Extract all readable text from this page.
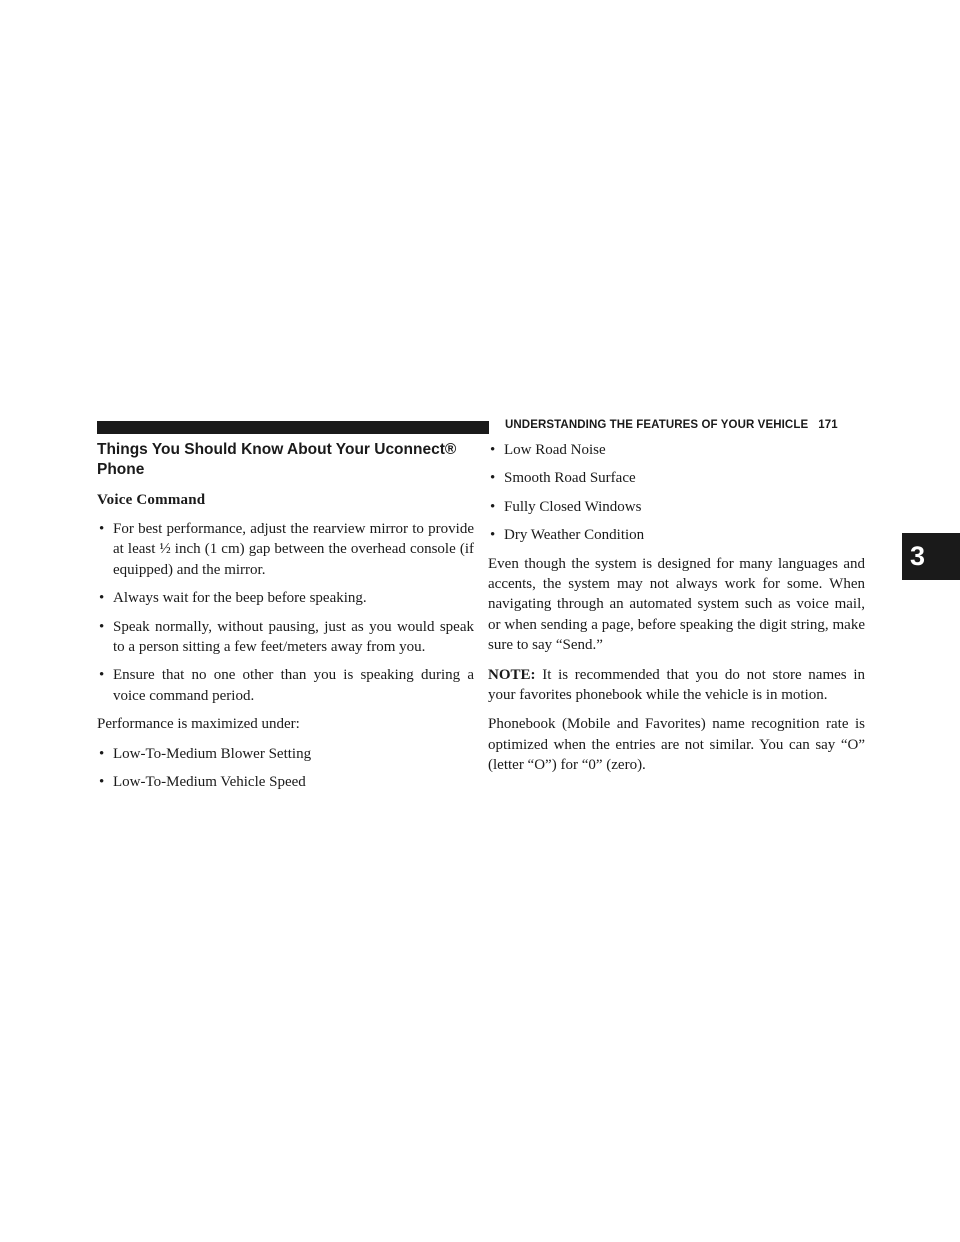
UNDERSTANDING THE FEATURES OF YOUR VEHICLE 171
3
Things You Should Know About Your Uconnect® Phone
Voice Command
• For best performance, adjust the rearview mirror to provide at least ½ inch (1 cm) gap between the overhead console (if equipped) and the mirror.
• Always wait for the beep before speaking.
• Speak normally, without pausing, just as you would speak to a person sitting a few feet/meters away from you.
• Ensure that no one other than you is speaking during a voice command period.

Performance is maximized under:

• Low-To-Medium Blower Setting
• Low-To-Medium Vehicle Speed
• Low Road Noise
• Smooth Road Surface
• Fully Closed Windows
• Dry Weather Condition

Even though the system is designed for many languages and accents, the system may not always work for some. When navigating through an automated system such as voice mail, or when sending a page, before speaking the digit string, make sure to say “Send.”

NOTE: It is recommended that you do not store names in your favorites phonebook while the vehicle is in motion.

Phonebook (Mobile and Favorites) name recognition rate is optimized when the entries are not similar. You can say “O” (letter “O”) for “0” (zero).
